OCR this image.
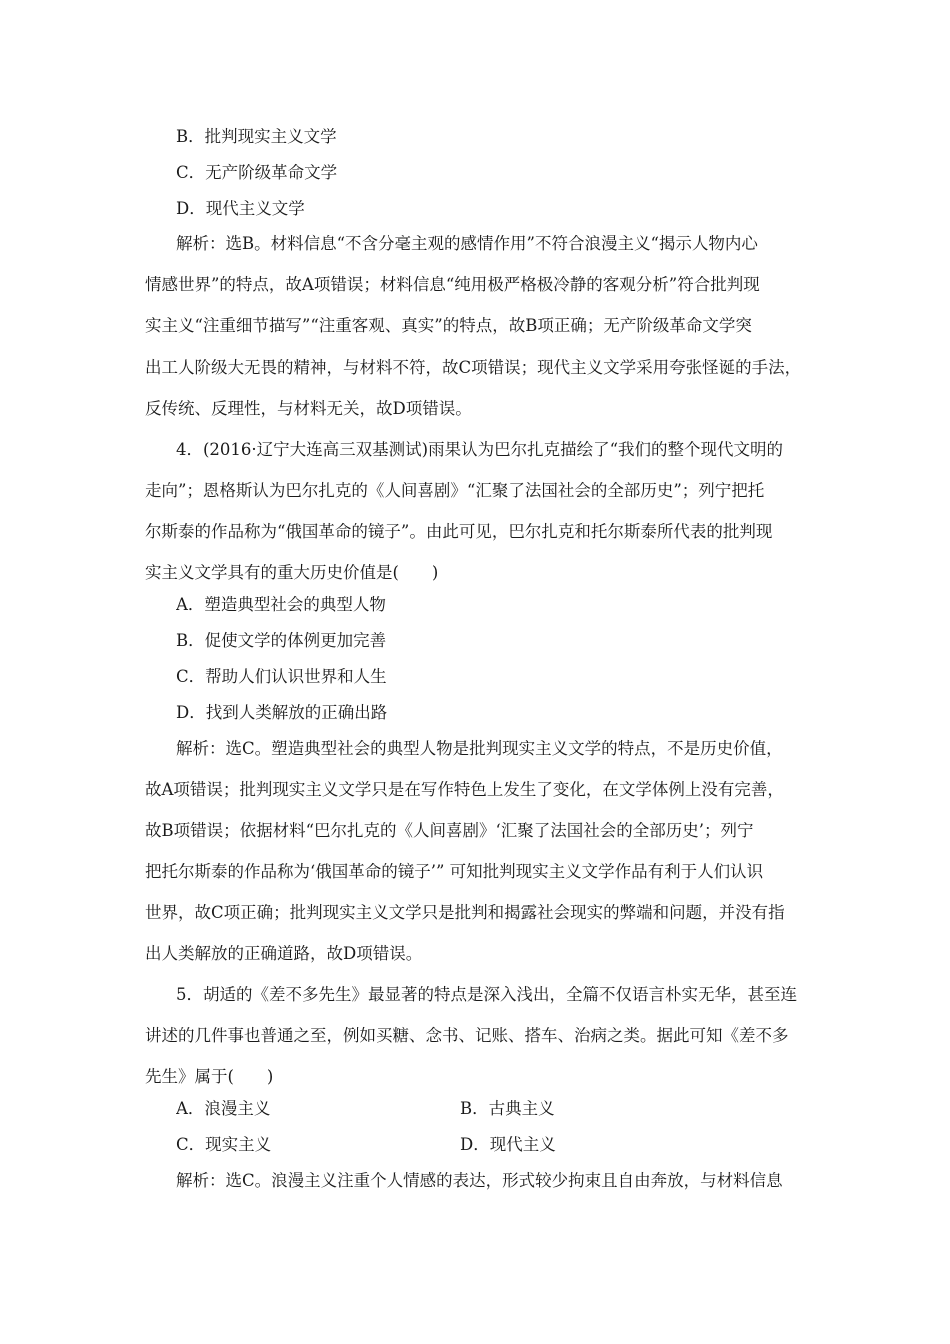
B．批判现实主义文学
C．无产阶级革命文学
D．现代主义文学
解析：选B。材料信息“不含分毫主观的感情作用”不符合浪漫主义“揭示人物内心
情感世界”的特点，故A项错误；材料信息“纯用极严格极冷静的客观分析”符合批判现
实主义“注重细节描写”“注重客观、真实”的特点，故B项正确；无产阶级革命文学突
出工人阶级大无畏的精神，与材料不符，故C项错误；现代主义文学采用夸张怪诞的手法，
反传统、反理性，与材料无关，故D项错误。
4．(2016·辽宁大连高三双基测试)雨果认为巴尔扎克描绘了“我们的整个现代文明的
走向”；恩格斯认为巴尔扎克的《人间喜剧》“汇聚了法国社会的全部历史”；列宁把托
尔斯泰的作品称为“俄国革命的镜子”。由此可见，巴尔扎克和托尔斯泰所代表的批判现
实主义文学具有的重大历史价值是(　　)
A．塑造典型社会的典型人物
B．促使文学的体例更加完善
C．帮助人们认识世界和人生
D．找到人类解放的正确出路
解析：选C。塑造典型社会的典型人物是批判现实主义文学的特点，不是历史价值，
故A项错误；批判现实主义文学只是在写作特色上发生了变化，在文学体例上没有完善，
故B项错误；依据材料“巴尔扎克的《人间喜剧》‘汇聚了法国社会的全部历史’；列宁
把托尔斯泰的作品称为‘俄国革命的镜子’” 可知批判现实主义文学作品有利于人们认识
世界，故C项正确；批判现实主义文学只是批判和揭露社会现实的弊端和问题，并没有指
出人类解放的正确道路，故D项错误。
5．胡适的《差不多先生》最显著的特点是深入浅出，全篇不仅语言朴实无华，甚至连
讲述的几件事也普通之至，例如买糖、念书、记账、搭车、治病之类。据此可知《差不多
先生》属于(　　)
A．浪漫主义	B．古典主义
C．现实主义	D．现代主义
解析：选C。浪漫主义注重个人情感的表达，形式较少拘束且自由奔放，与材料信息
